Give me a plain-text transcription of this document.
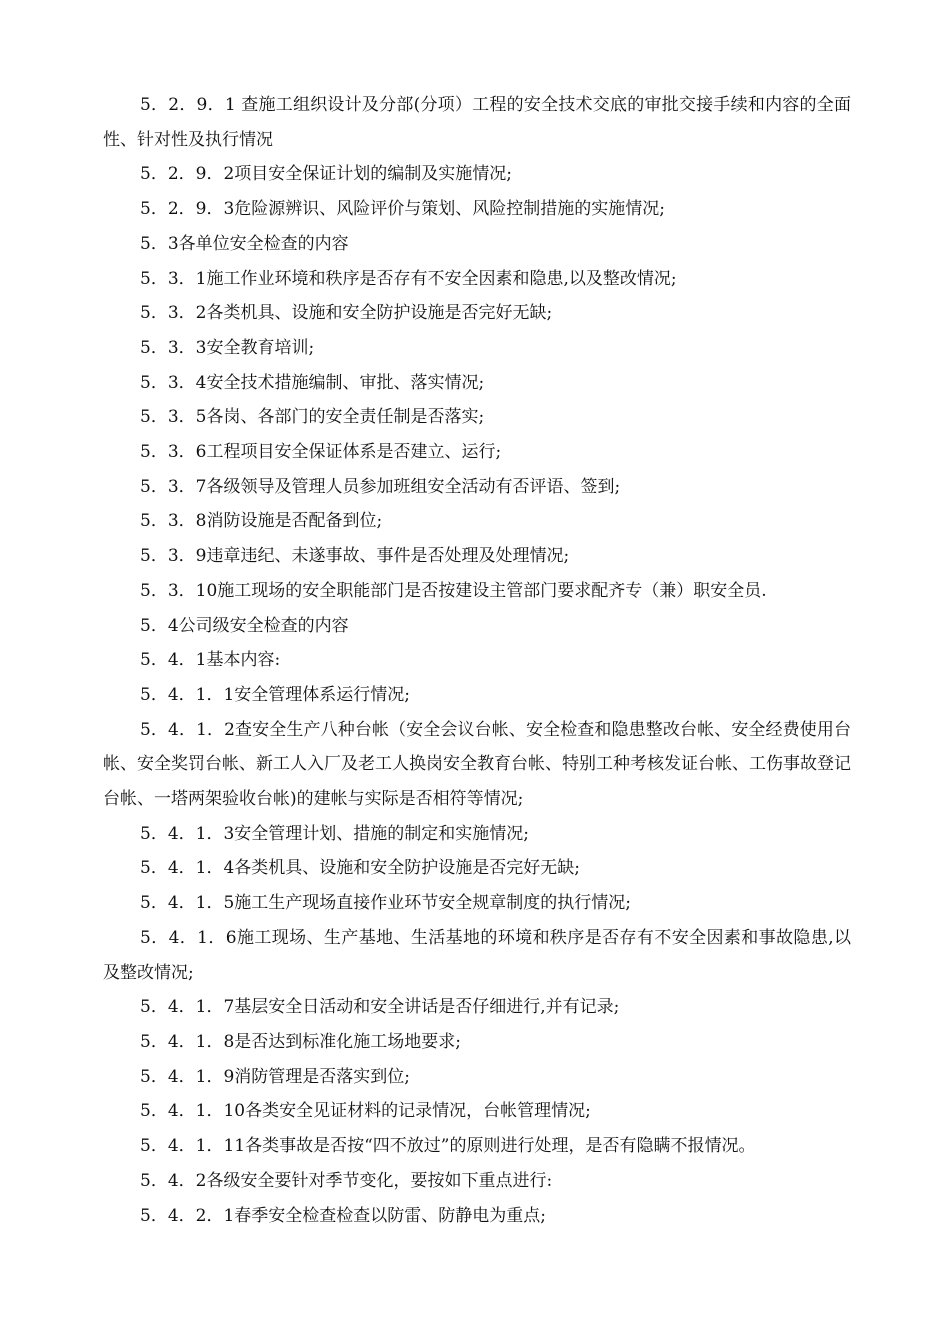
5．2．9．1 查施工组织设计及分部(分项）工程的安全技术交底的审批交接手续和内容的全面性、针对性及执行情况

5．2．9．2项目安全保证计划的编制及实施情况;

5．2．9．3危险源辨识、风险评价与策划、风险控制措施的实施情况;

5．3各单位安全检查的内容

5．3．1施工作业环境和秩序是否存有不安全因素和隐患,以及整改情况;

5．3．2各类机具、设施和安全防护设施是否完好无缺;

5．3．3安全教育培训;

5．3．4安全技术措施编制、审批、落实情况;

5．3．5各岗、各部门的安全责任制是否落实;

5．3．6工程项目安全保证体系是否建立、运行;

5．3．7各级领导及管理人员参加班组安全活动有否评语、签到;

5．3．8消防设施是否配备到位;

5．3．9违章违纪、未遂事故、事件是否处理及处理情况;

5．3．10施工现场的安全职能部门是否按建设主管部门要求配齐专（兼）职安全员.

5．4公司级安全检查的内容

5．4．1基本内容:

5．4．1．1安全管理体系运行情况;

5．4．1．2查安全生产八种台帐（安全会议台帐、安全检查和隐患整改台帐、安全经费使用台帐、安全奖罚台帐、新工人入厂及老工人换岗安全教育台帐、特别工种考核发证台帐、工伤事故登记台帐、一塔两架验收台帐)的建帐与实际是否相符等情况;

5．4．1．3安全管理计划、措施的制定和实施情况;

5．4．1．4各类机具、设施和安全防护设施是否完好无缺;

5．4．1．5施工生产现场直接作业环节安全规章制度的执行情况;

5．4．1．6施工现场、生产基地、生活基地的环境和秩序是否存有不安全因素和事故隐患,以及整改情况;

5．4．1．7基层安全日活动和安全讲话是否仔细进行,并有记录;

5．4．1．8是否达到标准化施工场地要求;

5．4．1．9消防管理是否落实到位;

5．4．1．10各类安全见证材料的记录情况，台帐管理情况;

5．4．1．11各类事故是否按“四不放过”的原则进行处理，是否有隐瞒不报情况。

5．4．2各级安全要针对季节变化，要按如下重点进行:

5．4．2．1春季安全检查检查以防雷、防静电为重点;
